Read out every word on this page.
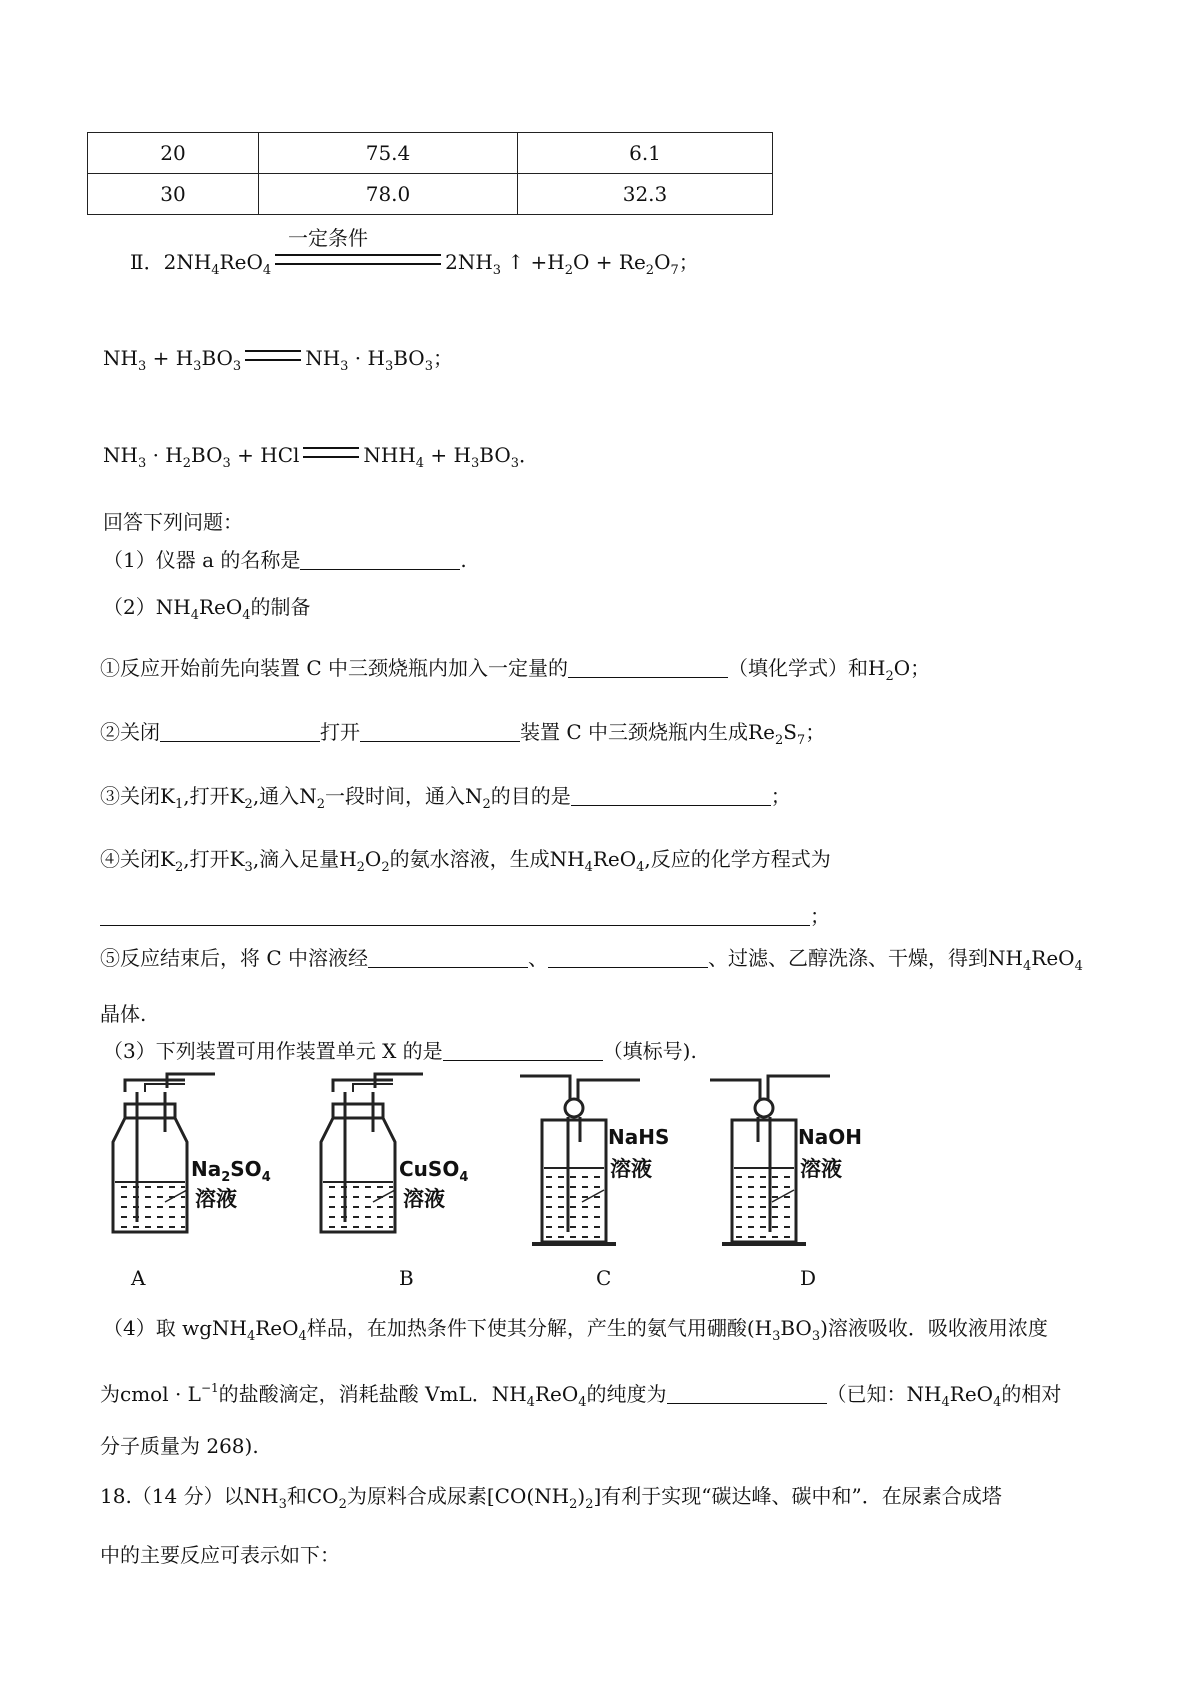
20	75.4	6.1
30	78.0	32.3
一定条件
Ⅱ．$2NH_4ReO_4$	$2NH_3$ ↑ $+H_2O + Re_2O_7$；
$NH_3 + H_3BO_3$	$NH_3 \cdot H_3BO_3$；
$NH_3 \cdot H_2BO_3$ + HCl	$NHH_4 + H_3BO_3$．
回答下列问题：
（1）仪器 a 的名称是	.
$(2)NH_4ReO_4$的制备
①反应开始前先向装置 C 中三颈烧瓶内加入一定量的	（填化学式）和$H_2O$；
②关闭	打开	装置 C 中三颈烧瓶内生成$Re_2S_7$；
③关闭$K_1$,打开$K_2$,通入$N_2$一段时间，通入$N_2$的目的是	；
④关闭$K_2$,打开$K_3$,滴入足量$H_2O_2$的氨水溶液，生成$NH_4ReO_4$,反应的化学方程式为
；
⑤反应结束后，将 C 中溶液经	、	、过滤、乙醇洗涤、干燥，得到$NH_4ReO_4$
晶体.
（3）下列装置可用作装置单元 X 的是	（填标号).
$Na_2SO_4$
溶液
CuSO$_4$
溶液
NaHS
溶液
NaOH
溶液
A	B	C	D
（4）取 wgNH$_4$ReO$_4$样品，在加热条件下使其分解，产生的氨气用硼酸$(H_3BO_3)$溶液吸收．吸收液用浓度
为cmol · $L^{-1}$的盐酸滴定，消耗盐酸 VmL．$NH_4ReO_4$的纯度为	（已知：$NH_4ReO_4$的相对
分子质量为 268).
18.（14 分）以$NH_3$和$CO_2$为原料合成尿素$[CO(NH_2)_2]$有利于实现“碳达峰、碳中和”．在尿素合成塔
中的主要反应可表示如下：
